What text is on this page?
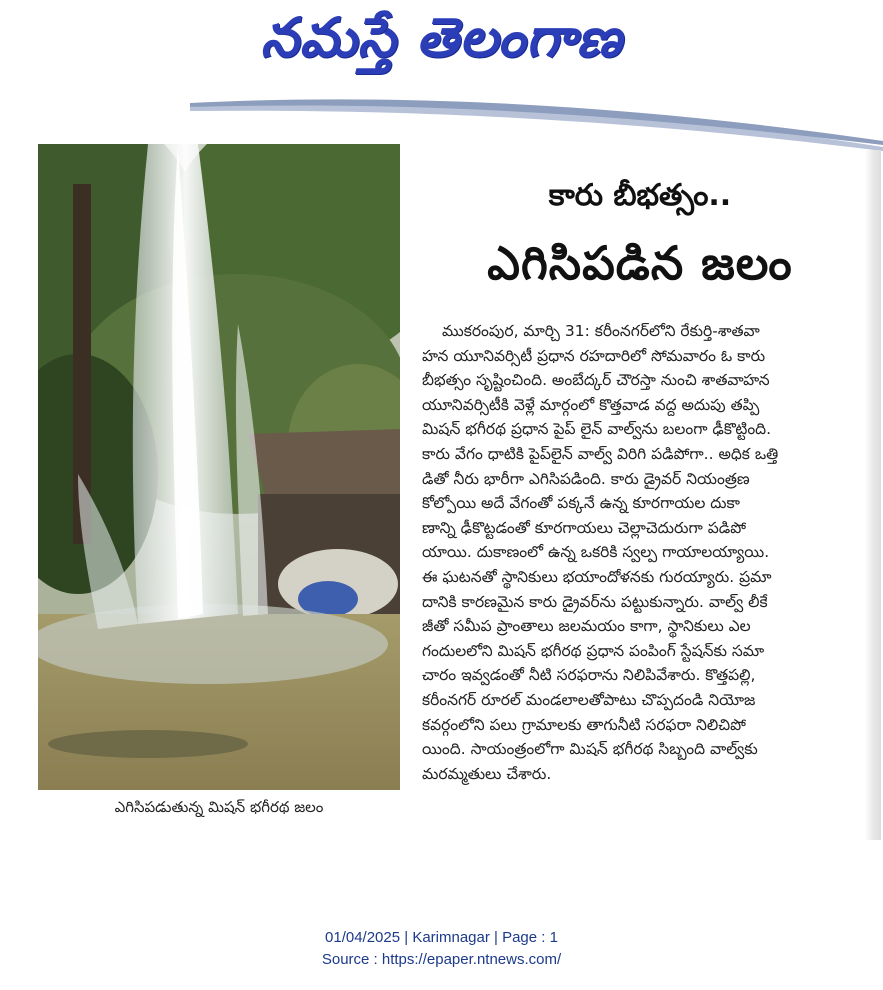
నమస్తే తెలంగాణ
ఎగిసిపడుతున్న మిషన్ భగీరథ జలం
కారు బీభత్సం..
ఎగిసిపడిన జలం
ముకరంపుర, మార్చి 31: కరీంనగర్‌లోని రేకుర్తి-శాతవా
హన యూనివర్సిటీ ప్రధాన రహదారిలో సోమవారం ఓ కారు
బీభత్సం సృష్టించింది. అంబేద్కర్ చౌరస్తా నుంచి శాతవాహన
యూనివర్సిటీకి వెళ్లే మార్గంలో కొత్తవాడ వద్ద అదుపు తప్పి
మిషన్ భగీరథ ప్రధాన పైప్ లైన్ వాల్వ్‌ను బలంగా ఢీకొట్టింది.
కారు వేగం ధాటికి పైప్‌లైన్ వాల్వ్ విరిగి పడిపోగా.. అధిక ఒత్తి
డితో నీరు భారీగా ఎగిసిపడింది. కారు డ్రైవర్ నియంత్రణ
కోల్పోయి అదే వేగంతో పక్కనే ఉన్న కూరగాయల దుకా
ణాన్ని ఢీకొట్టడంతో కూరగాయలు చెల్లాచెదురుగా పడిపో
యాయి. దుకాణంలో ఉన్న ఒకరికి స్వల్ప గాయాలయ్యాయి.
ఈ ఘటనతో స్థానికులు భయాందోళనకు గురయ్యారు. ప్రమా
దానికి కారణమైన కారు డ్రైవర్‌ను పట్టుకున్నారు. వాల్వ్ లీకే
జీతో సమీప ప్రాంతాలు జలమయం కాగా, స్థానికులు ఎల
గందులలోని మిషన్ భగీరథ ప్రధాన పంపింగ్ స్టేషన్‌కు సమా
చారం ఇవ్వడంతో నీటి సరఫరాను నిలిపివేశారు. కొత్తపల్లి,
కరీంనగర్ రూరల్ మండలాలతోపాటు చొప్పదండి నియోజ
కవర్గంలోని పలు గ్రామాలకు తాగునీటి సరఫరా నిలిచిపో
యింది. సాయంత్రంలోగా మిషన్ భగీరథ సిబ్బంది వాల్వ్‌కు
మరమ్మతులు చేశారు.
01/04/2025 | Karimnagar | Page : 1
Source : https://epaper.ntnews.com/
